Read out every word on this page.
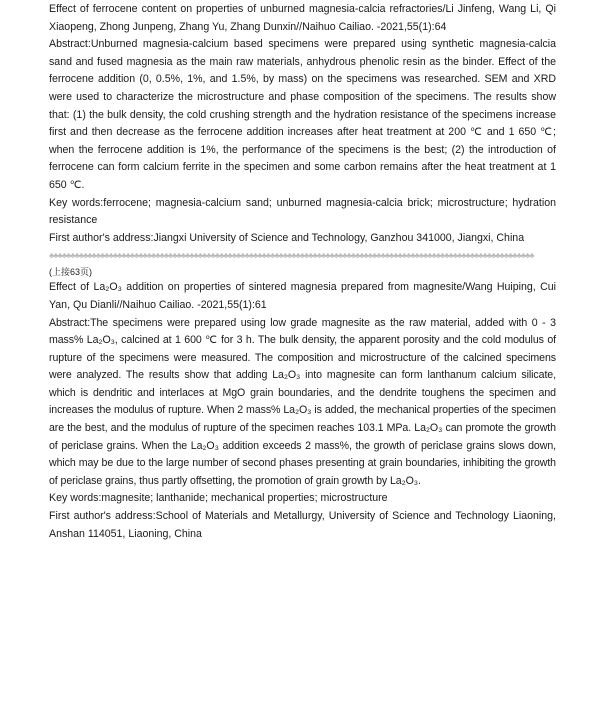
Effect of ferrocene content on properties of unburned magnesia-calcia refractories/Li Jinfeng, Wang Li, Qi Xiaopeng, Zhong Junpeng, Zhang Yu, Zhang Dunxin//Naihuo Cailiao. -2021,55(1):64

Abstract:Unburned magnesia-calcium based specimens were prepared using synthetic magnesia-calcia sand and fused magnesia as the main raw materials, anhydrous phenolic resin as the binder. Effect of the ferrocene addition (0, 0.5%, 1%, and 1.5%, by mass) on the specimens was researched. SEM and XRD were used to characterize the microstructure and phase composition of the specimens. The results show that: (1) the bulk density, the cold crushing strength and the hydration resistance of the specimens increase first and then decrease as the ferrocene addition increases after heat treatment at 200 ℃ and 1 650 ℃; when the ferrocene addition is 1%, the performance of the specimens is the best; (2) the introduction of ferrocene can form calcium ferrite in the specimen and some carbon remains after the heat treatment at 1 650 ℃.

Key words:ferrocene; magnesia-calcium sand; unburned magnesia-calcia brick; microstructure; hydration resistance

First author's address:Jiangxi University of Science and Technology, Ganzhou 341000, Jiangxi, China

♣♣♣♣♣♣♣♣♣♣♣♣♣♣♣♣♣♣♣♣♣♣♣♣♣♣♣♣♣♣♣♣♣♣♣♣♣♣♣♣♣♣♣♣♣♣♣♣♣♣♣♣♣♣♣♣♣♣♣♣♣♣♣♣♣♣♣♣♣♣♣♣♣♣♣♣♣♣♣♣♣♣♣♣♣♣♣♣♣♣♣♣♣♣♣♣♣♣♣♣♣♣♣♣♣♣♣♣♣♣♣♣♣♣

(上接63页)

Effect of La₂O₃ addition on properties of sintered magnesia prepared from magnesite/Wang Huiping, Cui Yan, Qu Dianli//Naihuo Cailiao. -2021,55(1):61

Abstract:The specimens were prepared using low grade magnesite as the raw material, added with 0 - 3 mass% La₂O₃, calcined at 1 600 ℃ for 3 h. The bulk density, the apparent porosity and the cold modulus of rupture of the specimens were measured. The composition and microstructure of the calcined specimens were analyzed. The results show that adding La₂O₃ into magnesite can form lanthanum calcium silicate, which is dendritic and interlaces at MgO grain boundaries, and the dendrite toughens the specimen and increases the modulus of rupture. When 2 mass% La₂O₃ is added, the mechanical properties of the specimen are the best, and the modulus of rupture of the specimen reaches 103.1 MPa. La₂O₃ can promote the growth of periclase grains. When the La₂O₃ addition exceeds 2 mass%, the growth of periclase grains slows down, which may be due to the large number of second phases presenting at grain boundaries, inhibiting the growth of periclase grains, thus partly offsetting, the promotion of grain growth by La₂O₃.

Key words:magnesite; lanthanide; mechanical properties; microstructure

First author's address:School of Materials and Metallurgy, University of Science and Technology Liaoning, Anshan 114051, Liaoning, China
